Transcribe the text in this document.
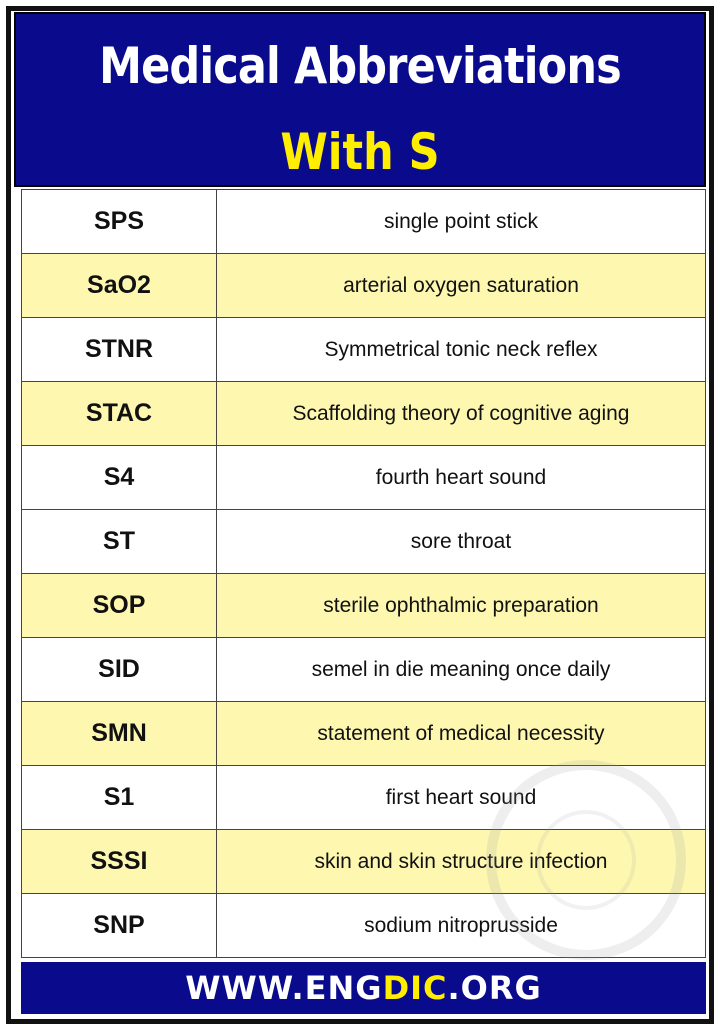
Medical Abbreviations
With S
SPS	single point stick
SaO2	arterial oxygen saturation
STNR	Symmetrical tonic neck reflex
STAC	Scaffolding theory of cognitive aging
S4	fourth heart sound
ST	sore throat
SOP	sterile ophthalmic preparation
SID	semel in die meaning once daily
SMN	statement of medical necessity
S1	first heart sound
SSSI	skin and skin structure infection
SNP	sodium nitroprusside
WWW.ENGDIC.ORG
